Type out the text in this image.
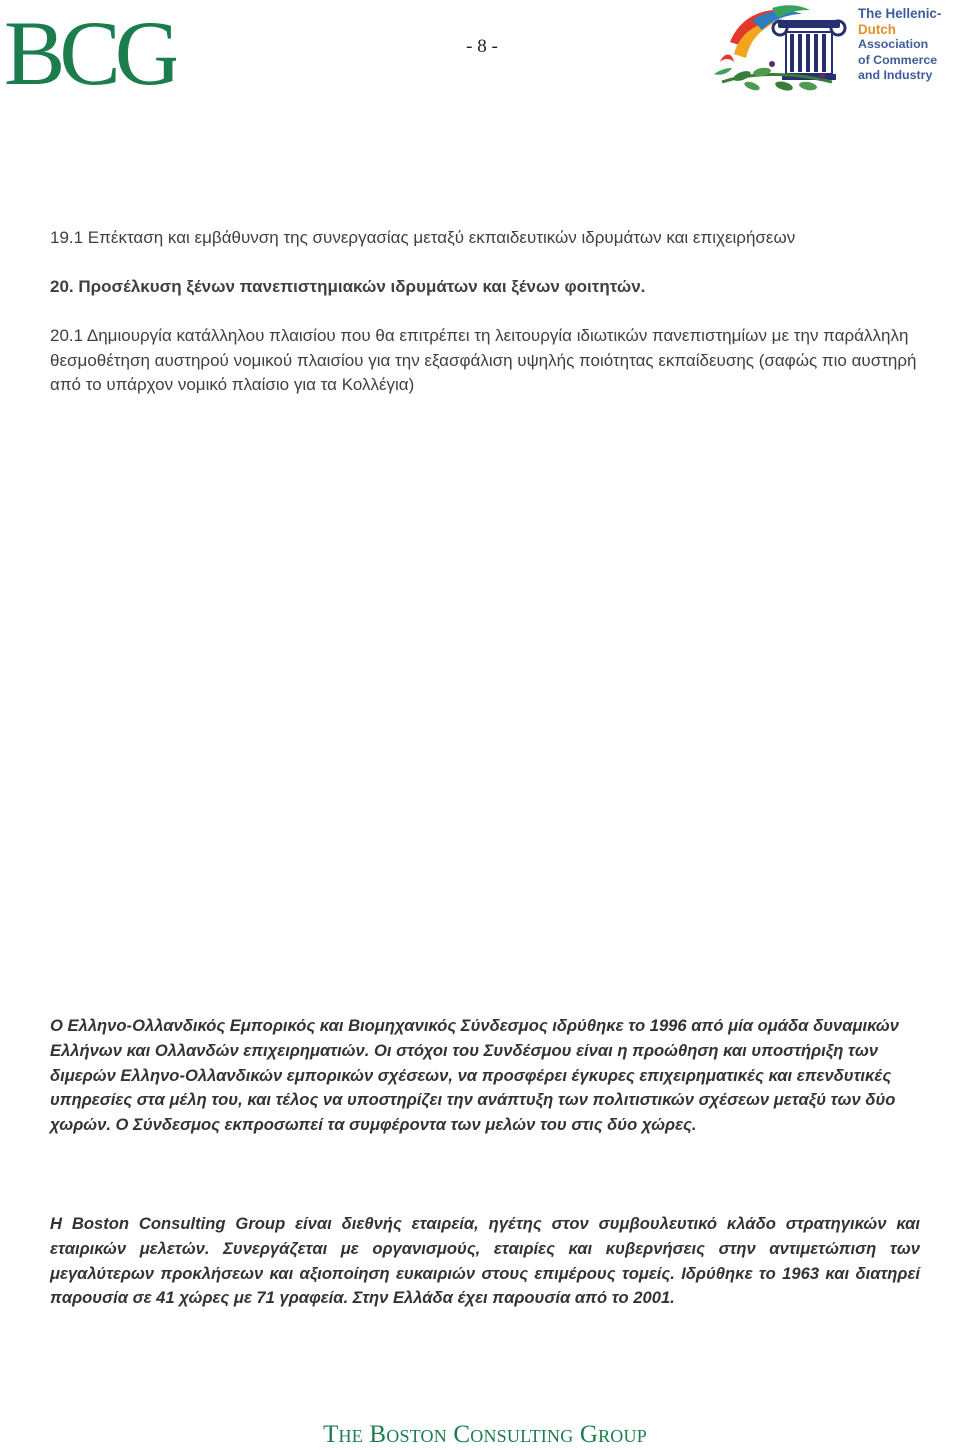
BCG	- 8 -
The Hellenic-
Dutch
Association
of Commerce
and Industry

19.1 Επέκταση και εμβάθυνση της συνεργασίας μεταξύ εκπαιδευτικών ιδρυμάτων και επιχειρήσεων

20. Προσέλκυση ξένων πανεπιστημιακών ιδρυμάτων και ξένων φοιτητών.

20.1 Δημιουργία κατάλληλου πλαισίου που θα επιτρέπει τη λειτουργία ιδιωτικών πανεπιστημίων με την παράλληλη θεσμοθέτηση αυστηρού νομικού πλαισίου για την εξασφάλιση υψηλής ποιότητας εκπαίδευσης (σαφώς πιο αυστηρή από το υπάρχον νομικό πλαίσιο για τα Κολλέγια)

Ο Ελληνο-Ολλανδικός Εμπορικός και Βιομηχανικός Σύνδεσμος ιδρύθηκε το 1996 από μία ομάδα δυναμικών Ελλήνων και Ολλανδών επιχειρηματιών. Οι στόχοι του Συνδέσμου είναι η προώθηση και υποστήριξη των διμερών Ελληνο-Ολλανδικών εμπορικών σχέσεων, να προσφέρει έγκυρες επιχειρηματικές και επενδυτικές υπηρεσίες στα μέλη του, και τέλος να υποστηρίζει την ανάπτυξη των πολιτιστικών σχέσεων μεταξύ των δύο χωρών. Ο Σύνδεσμος εκπροσωπεί τα συμφέροντα των μελών του στις δύο χώρες.

Η Boston Consulting Group είναι διεθνής εταιρεία, ηγέτης στον συμβουλευτικό κλάδο στρατηγικών και εταιρικών μελετών. Συνεργάζεται με οργανισμούς, εταιρίες και κυβερνήσεις στην αντιμετώπιση των μεγαλύτερων προκλήσεων και αξιοποίηση ευκαιριών στους επιμέρους τομείς. Ιδρύθηκε το 1963 και διατηρεί παρουσία σε 41 χώρες με 71 γραφεία. Στην Ελλάδα έχει παρουσία από το 2001.

The Boston Consulting Group
